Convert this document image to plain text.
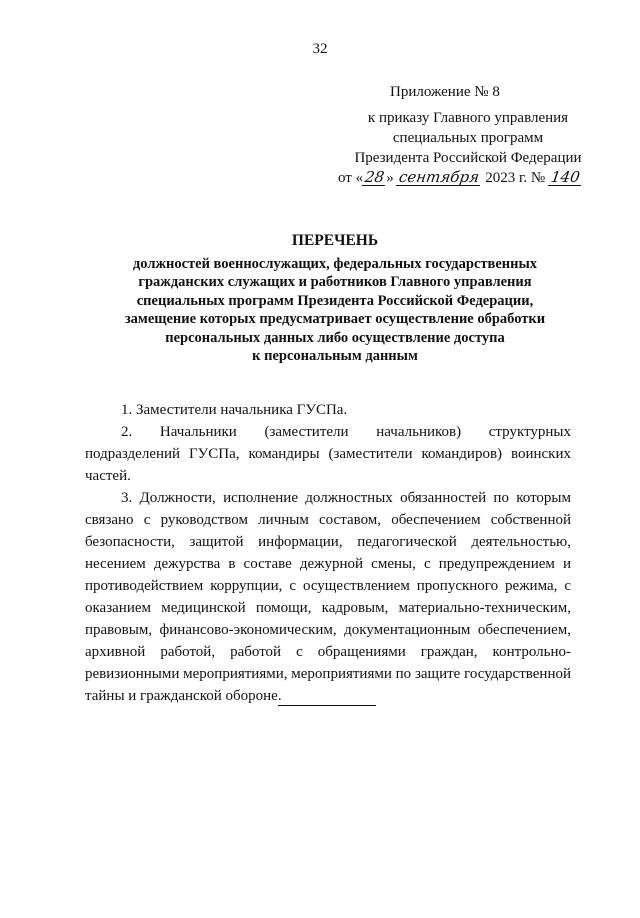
32
Приложение № 8
к приказу Главного управления
специальных программ
Президента Российской Федерации
от «28» сентября 2023 г. № 140
ПЕРЕЧЕНЬ
должностей военнослужащих, федеральных государственных
гражданских служащих и работников Главного управления
специальных программ Президента Российской Федерации,
замещение которых предусматривает осуществление обработки
персональных данных либо осуществление доступа
к персональным данным

1. Заместители начальника ГУСПа.

2. Начальники (заместители начальников) структурных подразделений ГУСПа, командиры (заместители командиров) воинских частей.

3. Должности, исполнение должностных обязанностей по которым связано с руководством личным составом, обеспечением собственной безопасности, защитой информации, педагогической деятельностью, несением дежурства в составе дежурной смены, с предупреждением и противодействием коррупции, с осуществлением пропускного режима, с оказанием медицинской помощи, кадровым, материально-техническим, правовым, финансово-экономическим, документационным обеспечением, архивной работой, работой с обращениями граждан, контрольно-ревизионными мероприятиями, мероприятиями по защите государственной тайны и гражданской обороне.
